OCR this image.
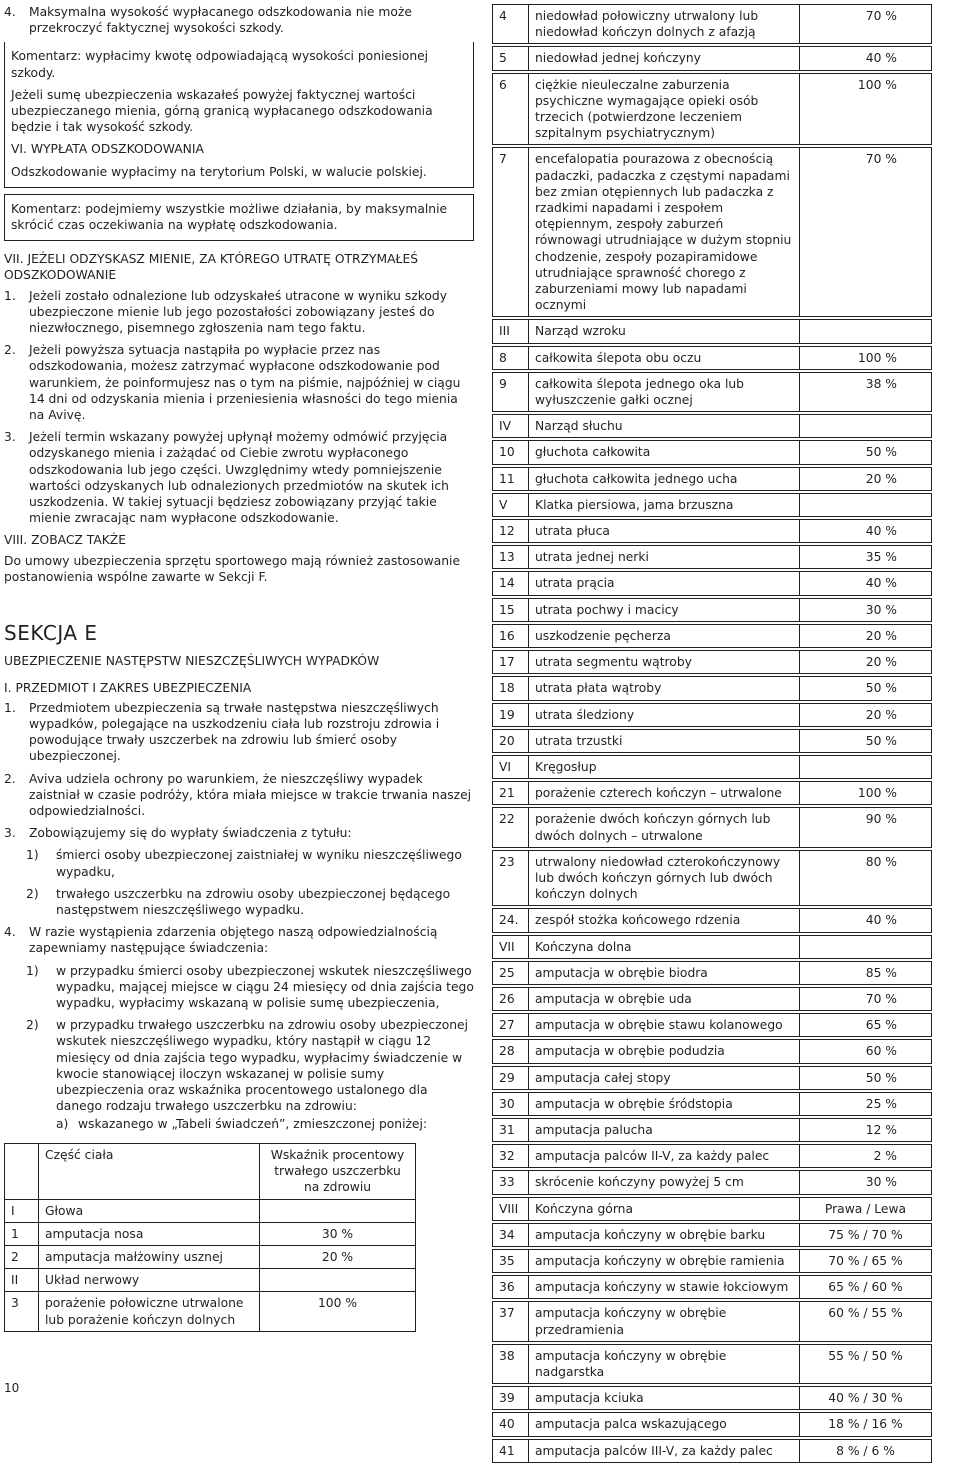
4.	Maksymalna wysokość wypłacanego odszkodowania nie może przekroczyć faktycznej wysokości szkody.

Komentarz: wypłacimy kwotę odpowiadającą wysokości poniesionej szkody.

Jeżeli sumę ubezpieczenia wskazałeś powyżej faktycznej wartości ubezpieczanego mienia, górną granicą wypłacanego odszkodowania będzie i tak wysokość szkody.

VI. WYPŁATA ODSZKODOWANIA

Odszkodowanie wypłacimy na terytorium Polski, w walucie polskiej.

Komentarz: podejmiemy wszystkie możliwe działania, by maksymalnie skrócić czas oczekiwania na wypłatę odszkodowania.

VII. JEŻELI ODZYSKASZ MIENIE, ZA KTÓREGO UTRATĘ OTRZYMAŁEŚ ODSZKODOWANIE

1.	Jeżeli zostało odnalezione lub odzyskałeś utracone w wyniku szkody ubezpieczone mienie lub jego pozostałości zobowiązany jesteś do niezwłocznego, pisemnego zgłoszenia nam tego faktu.
2.	Jeżeli powyższa sytuacja nastąpiła po wypłacie przez nas odszkodowania, możesz zatrzymać wypłacone odszkodowanie pod warunkiem, że poinformujesz nas o tym na piśmie, najpóźniej w ciągu 14 dni od odzyskania mienia i przeniesienia własności do tego mienia na Avivę.
3.	Jeżeli termin wskazany powyżej upłynął możemy odmówić przyjęcia odzyskanego mienia i zażądać od Ciebie zwrotu wypłaconego odszkodowania lub jego części. Uwzględnimy wtedy pomniejszenie wartości odzyskanych lub odnalezionych przedmiotów na skutek ich uszkodzenia. W takiej sytuacji będziesz zobowiązany przyjąć takie mienie zwracając nam wypłacone odszkodowanie.

VIII. ZOBACZ TAKŻE

Do umowy ubezpieczenia sprzętu sportowego mają również zastosowanie postanowienia wspólne zawarte w Sekcji F.

SEKCJA E

UBEZPIECZENIE NASTĘPSTW NIESZCZĘŚLIWYCH WYPADKÓW

I. PRZEDMIOT I ZAKRES UBEZPIECZENIA

1.	Przedmiotem ubezpieczenia są trwałe następstwa nieszczęśliwych wypadków, polegające na uszkodzeniu ciała lub rozstroju zdrowia i powodujące trwały uszczerbek na zdrowiu lub śmierć osoby ubezpieczonej.
2.	Aviva udziela ochrony po warunkiem, że nieszczęśliwy wypadek zaistniał w czasie podróży, która miała miejsce w trakcie trwania naszej odpowiedzialności.
3.	Zobowiązujemy się do wypłaty świadczenia z tytułu:
1)	śmierci osoby ubezpieczonej zaistniałej w wyniku nieszczęśliwego wypadku,
2)	trwałego uszczerbku na zdrowiu osoby ubezpieczonej będącego następstwem nieszczęśliwego wypadku.
4.	W razie wystąpienia zdarzenia objętego naszą odpowiedzialnością zapewniamy następujące świadczenia:
1)	w przypadku śmierci osoby ubezpieczonej wskutek nieszczęśliwego wypadku, mającej miejsce w ciągu 24 miesięcy od dnia zajścia tego wypadku, wypłacimy wskazaną w polisie sumę ubezpieczenia,
2)	w przypadku trwałego uszczerbku na zdrowiu osoby ubezpieczonej wskutek nieszczęśliwego wypadku, który nastąpił w ciągu 12 miesięcy od dnia zajścia tego wypadku, wypłacimy świadczenie w kwocie stanowiącej iloczyn wskazanej w polisie sumy ubezpieczenia oraz wskaźnika procentowego ustalonego dla danego rodzaju trwałego uszczerbku na zdrowiu:
a) wskazanego w „Tabeli świadczeń”, zmieszczonej poniżej:
	Część ciała	Wskaźnik procentowy trwałego uszczerbku na zdrowiu
I	Głowa	
1	amputacja nosa	30 %
2	amputacja małżowiny usznej	20 %
II	Układ nerwowy	
3	porażenie połowiczne utrwalone lub porażenie kończyn dolnych	100 %
4	niedowład połowiczny utrwalony lub niedowład kończyn dolnych z afazją	70 %

5	niedowład jednej kończyny	40 %

6	ciężkie nieuleczalne zaburzenia psychiczne wymagające opieki osób trzecich (potwierdzone leczeniem szpitalnym psychiatrycznym)	100 %

7	encefalopatia pourazowa z obecnością padaczki, padaczka z częstymi napadami bez zmian otępiennych lub padaczka z rzadkimi napadami i zespołem otępiennym, zespoły zaburzeń równowagi utrudniające w dużym stopniu chodzenie, zespoły pozapiramidowe utrudniające sprawność chorego z zaburzeniami mowy lub napadami ocznymi	70 %

III	Narząd wzroku	

8	całkowita ślepota obu oczu	100 %

9	całkowita ślepota jednego oka lub wyłuszczenie gałki ocznej	38 %

IV	Narząd słuchu	

10	głuchota całkowita	50 %

11	głuchota całkowita jednego ucha	20 %

V	Klatka piersiowa, jama brzuszna	

12	utrata płuca	40 %

13	utrata jednej nerki	35 %

14	utrata prącia	40 %

15	utrata pochwy i macicy	30 %

16	uszkodzenie pęcherza	20 %

17	utrata segmentu wątroby	20 %

18	utrata płata wątroby	50 %

19	utrata śledziony	20 %

20	utrata trzustki	50 %

VI	Kręgosłup	

21	porażenie czterech kończyn – utrwalone	100 %

22	porażenie dwóch kończyn górnych lub dwóch dolnych – utrwalone	90 %

23	utrwalony niedowład czterokończynowy lub dwóch kończyn górnych lub dwóch kończyn dolnych	80 %

24.	zespół stożka końcowego rdzenia	40 %

VII	Kończyna dolna	

25	amputacja w obrębie biodra	85 %

26	amputacja w obrębie uda	70 %

27	amputacja w obrębie stawu kolanowego	65 %

28	amputacja w obrębie podudzia	60 %

29	amputacja całej stopy	50 %

30	amputacja w obrębie śródstopia	25 %

31	amputacja palucha	12 %

32	amputacja palców II-V, za każdy palec	2 %

33	skrócenie kończyny powyżej 5 cm	30 %

VIII	Kończyna górna	Prawa / Lewa

34	amputacja kończyny w obrębie barku	75 % / 70 %

35	amputacja kończyny w obrębie ramienia	70 % / 65 %

36	amputacja kończyny w stawie łokciowym	65 % / 60 %

37	amputacja kończyny w obrębie przedramienia	60 % / 55 %

38	amputacja kończyny w obrębie nadgarstka	55 % / 50 %

39	amputacja kciuka	40 % / 30 %

40	amputacja palca wskazującego	18 % / 16 %

41	amputacja palców III-V, za każdy palec	8 % / 6 %
10
